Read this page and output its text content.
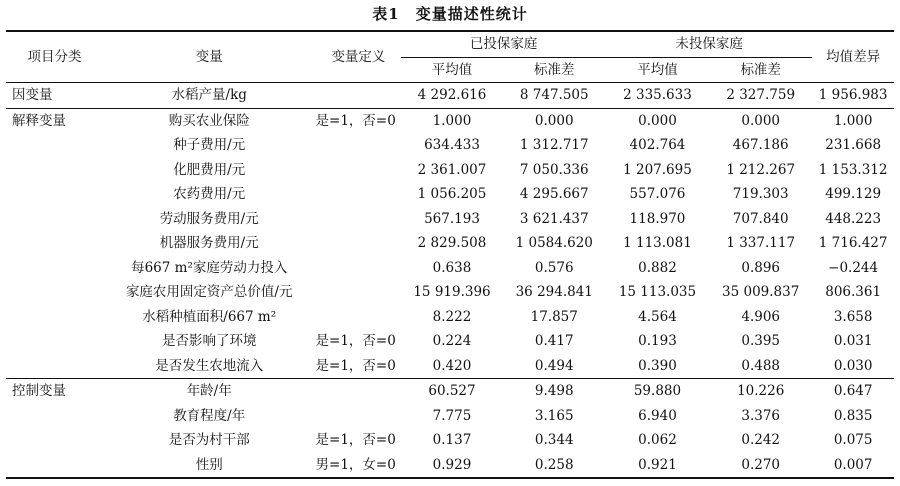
表1　变量描述性统计
项目分类	变量	变量定义	已投保家庭		未投保家庭		均值差异
			平均值	标准差	平均值	标准差	
因变量	水稻产量/kg		4 292.616	8 747.505	2 335.633	2 327.759	1 956.983
解释变量	购买农业保险	是=1，否=0	1.000	0.000	0.000	0.000	1.000
	种子费用/元		634.433	1 312.717	402.764	467.186	231.668
	化肥费用/元		2 361.007	7 050.336	1 207.695	1 212.267	1 153.312
	农药费用/元		1 056.205	4 295.667	557.076	719.303	499.129
	劳动服务费用/元		567.193	3 621.437	118.970	707.840	448.223
	机器服务费用/元		2 829.508	1 0584.620	1 113.081	1 337.117	1 716.427
	每667 m²家庭劳动力投入		0.638	0.576	0.882	0.896	−0.244
	家庭农用固定资产总价值/元		15 919.396	36 294.841	15 113.035	35 009.837	806.361
	水稻种植面积/667 m²		8.222	17.857	4.564	4.906	3.658
	是否影响了环境	是=1，否=0	0.224	0.417	0.193	0.395	0.031
	是否发生农地流入	是=1，否=0	0.420	0.494	0.390	0.488	0.030
控制变量	年龄/年		60.527	9.498	59.880	10.226	0.647
	教育程度/年		7.775	3.165	6.940	3.376	0.835
	是否为村干部	是=1，否=0	0.137	0.344	0.062	0.242	0.075
	性别	男=1，女=0	0.929	0.258	0.921	0.270	0.007
